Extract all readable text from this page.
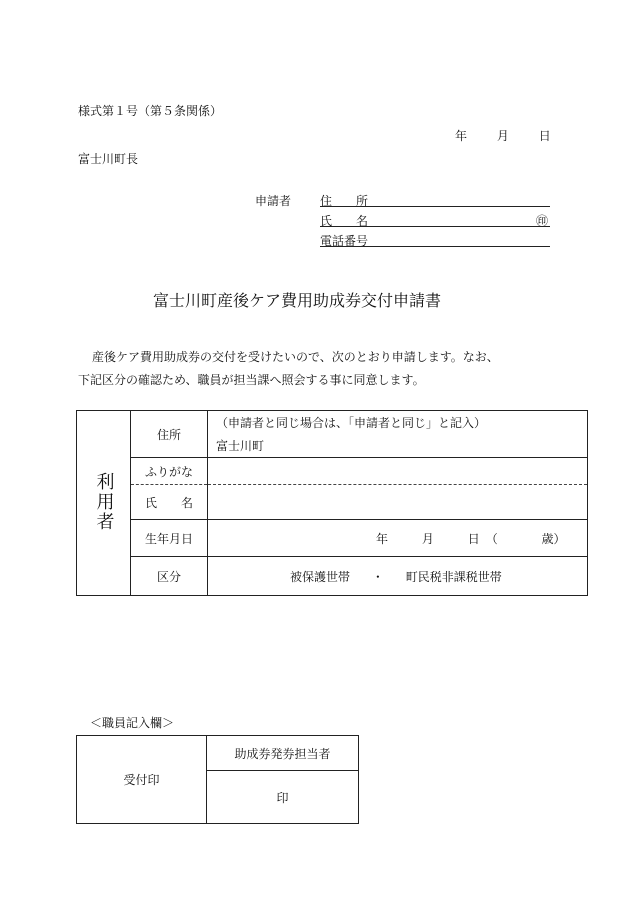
様式第１号（第５条関係）
年 月 日
富士川町長
申請者 住　　所
氏　　名	㊞
電話番号
富士川町産後ケア費用助成券交付申請書
産後ケア費用助成券の交付を受けたいので、次のとおり申請します。なお、
下記区分の確認ため、職員が担当課へ照会する事に同意します。
利用者	住所	（申請者と同じ場合は、「申請者と同じ」と記入）
富士川町

	ふりがな	
	氏　　名	
	生年月日	年 月 日　（ 歳）
	区分	被保護世帯 ・ 町民税非課税世帯
＜職員記入欄＞
受付印	助成券発券担当者
印
